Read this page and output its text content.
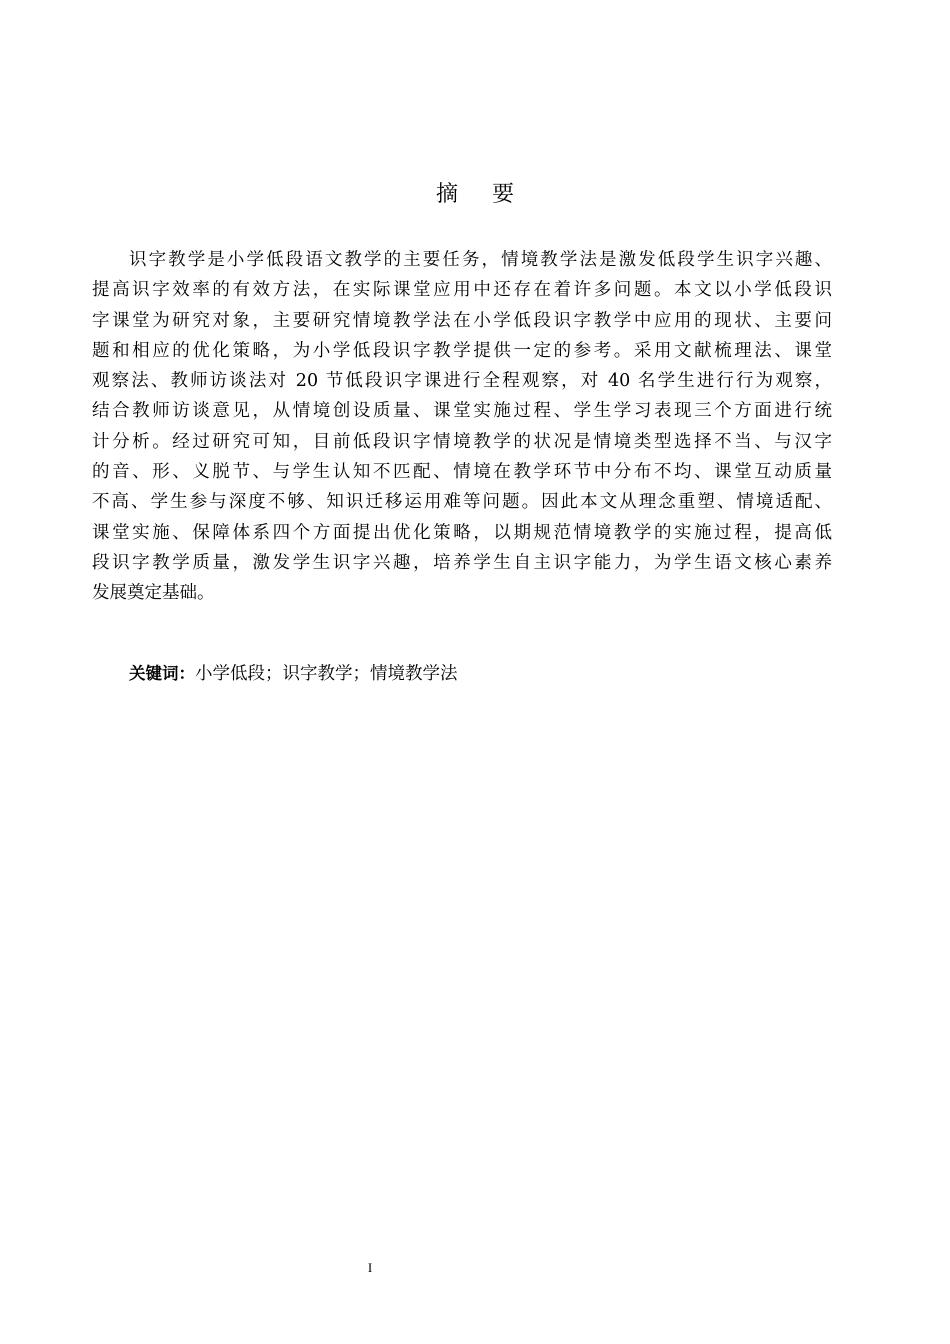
摘要
识字教学是小学低段语文教学的主要任务，情境教学法是激发低段学生识字兴趣、
提高识字效率的有效方法，在实际课堂应用中还存在着许多问题。本文以小学低段识
字课堂为研究对象，主要研究情境教学法在小学低段识字教学中应用的现状、主要问
题和相应的优化策略，为小学低段识字教学提供一定的参考。采用文献梳理法、课堂
观察法、教师访谈法对 20 节低段识字课进行全程观察，对 40 名学生进行行为观察，
结合教师访谈意见，从情境创设质量、课堂实施过程、学生学习表现三个方面进行统
计分析。经过研究可知，目前低段识字情境教学的状况是情境类型选择不当、与汉字
的音、形、义脱节、与学生认知不匹配、情境在教学环节中分布不均、课堂互动质量
不高、学生参与深度不够、知识迁移运用难等问题。因此本文从理念重塑、情境适配、
课堂实施、保障体系四个方面提出优化策略，以期规范情境教学的实施过程，提高低
段识字教学质量，激发学生识字兴趣，培养学生自主识字能力，为学生语文核心素养
发展奠定基础。
关键词：小学低段；识字教学；情境教学法
I
